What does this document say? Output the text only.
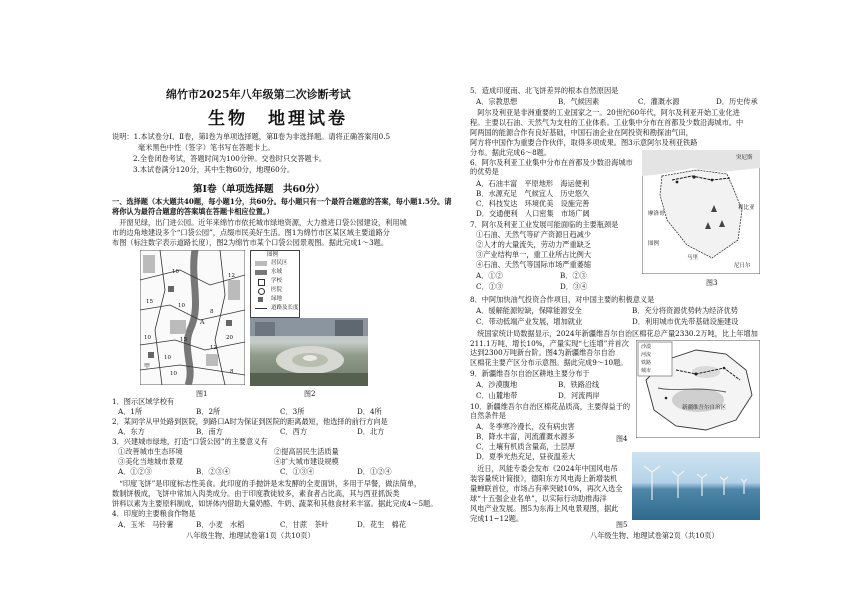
绵竹市2025年八年级第二次诊断考试
生物　地理试卷
说明：1.本试卷分Ⅰ、Ⅱ卷，第Ⅰ卷为单项选择题，第Ⅱ卷为非选择题。请将正确答案用0.5
毫米黑色中性（签字）笔书写在答题卡上。
2.全卷闭卷考试，答题时间为100分钟。交卷时只交答题卡。
3.本试卷满分120分，其中生物60分，地理60分。
第Ⅰ卷（单项选择题　共60分）
一、选择题（本大题共40题，每小题1分，共60分。每小题只有一个最符合题意的答案，每小题1.5分。请
将你认为最符合题意的答案填在答题卡相应位置。）
　开窗见绿，出门进公园。近年来绵竹市依托城市绿地资源，大力推进口袋公园建设，利用城
市的边角地建设多个“口袋公园”，点缀市民美好生活。图1为绵竹市区某区域主要道路分
布图（标注数字表示道路长度），图2为绵竹市某个口袋公园景观图。据此完成1～3题。
甲
A
10
12
15
10
8
10	15	20
10
12
10	8
图例
居民区
水域
学校
医院
绿地
道路及长度
图1	图2
1．图示区域学校有
A．1所	B．2所	C．3所	D．4所
2．某同学从甲处路到医院，到路口A时为保证到医院的距离最短，他选择的前行方向是
A．东方	B．南方	C．西方	D．北方
3．兴建城市绿地，打造“口袋公园”的主要意义有
①改善城市生态环境	②提高居民生活质量
③美化当地城市景观	④扩大城市建设规模
A．①②③	B．②③④	C．①③④	D．①②④
　“印度飞饼”是印度标志性美食。此印度的手抛饼是未发酵的全麦面饼，多用于早餐，做法简单，
数制饼极成，飞饼中常加入肉类成分。由于印度教徒较多，素食者占比高，其与西亚抓饭类
饼料以素为主要原料制成，如饼体内借助大量奶酪、牛奶、蔬菜和其他食材来丰富。据此完成4～5题。
4．印度的主要粮食作物是
A．玉米　马铃薯	B．小麦　水稻	C．甘蔗　茶叶	D．花生　棉花
八年级生物、地理试卷第1页（共10页）
5．造成印度南、北飞饼差异的根本自然原因是
A．宗教思想	B．气候因素	C．灌溉水源	D．历史传承
　阿尔及利亚是非洲重要的工业国家之一。20世纪60年代，阿尔及利亚开始工业化进
程。主要以石油、天然气为支柱的工业体系。工业集中分布在首都及少数沿海城市。中
阿两国的能源合作有良好基础，中国石油企业在阿投资和勘探油气田，
阿方将中国作为重要合作伙伴，取得多项成果。图3示意阿尔及利亚铁路
分布。据此完成6～8题。
6．阿尔及利亚工业集中分布在首都及少数沿海城市的优势是
A．石油丰富　平原地形　海运便利
B．水源充足　气候宜人　历史悠久
C．科技发达　环境优美　设施完善
D．交通便利　人口密集　市场广阔
7．阿尔及利亚工业发展可能面临的主要瓶颈是
①石油、天然气等矿产资源日趋减少
②人才的大量流失，劳动力严重缺乏
③产业结构单一，重工业所占比例大
④石油、天然气等国际市场严重萎缩
A．①②	B．②③
C．①③	D．③④
摩洛哥
利比亚
马里
尼日尔
突尼斯
图例
图3
8．中阿加快油气投资合作项目，对中国主要的积极意义是
A．缓解能源短缺，保障能源安全	B．充分将资源优势转为经济优势
C．带动低端产业发展，增加就业	D．利用城市优先带基础设施建设
　统国家统计局数据显示，2024年新疆维吾尔自治区棉花总产量2330.2万吨，比上年增加
211.1万吨，增长10%，产量实现“七连增”并首次达到2300万吨新台阶。图4为新疆维吾尔自治
区棉花主要产区分布示意图。据此完成9～10题。
9．新疆维吾尔自治区耕地主要分布于
A．沙漠腹地	B．铁路沿线
C．山麓地带	D．河流两岸
10．新疆维吾尔自治区棉花品质高，主要得益于的自然条件是
A．冬季寒冷漫长，没有病虫害
B．降水丰富，河流灌溉水源多
C．土壤有机质含量高，土层厚
D．夏季光热充足，昼夜温差大
沙漠
河流
铁路
城市
新疆维吾尔自治区
图4
　近日，风能专委会发布《2024年中国风电吊
装容量统计简报》，德阳东方风电海上新增装机
量蝉联首位，市场占有率突破10%，再次入选全
球“十五强企业名单”，以实际行动助推海洋
风电产业发展。图5为东海上风电景观图，据此
完成11~12题。
图5
八年级生物、地理试卷第2页（共10页）
